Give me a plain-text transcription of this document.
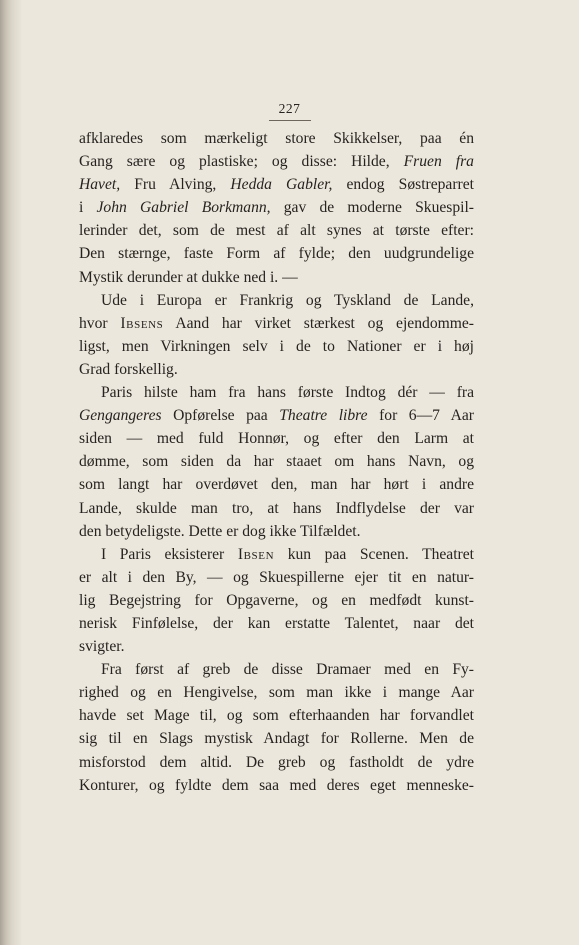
227
afklaredes som mærkeligt store Skikkelser, paa én
Gang sære og plastiske; og disse: Hilde, Fruen fra
Havet, Fru Alving, Hedda Gabler, endog Søstreparret
i John Gabriel Borkmann, gav de moderne Skuespil-
lerinder det, som de mest af alt synes at tørste efter:
Den stærnge, faste Form af fylde; den uudgrundelige
Mystik derunder at dukke ned i. —
Ude i Europa er Frankrig og Tyskland de Lande,
hvor Ibsens Aand har virket stærkest og ejendomme-
ligst, men Virkningen selv i de to Nationer er i høj
Grad forskellig.
Paris hilste ham fra hans første Indtog dér — fra
Gengangeres Opførelse paa Theatre libre for 6—7 Aar
siden — med fuld Honnør, og efter den Larm at
dømme, som siden da har staaet om hans Navn, og
som langt har overdøvet den, man har hørt i andre
Lande, skulde man tro, at hans Indflydelse der var
den betydeligste. Dette er dog ikke Tilfældet.
I Paris eksisterer Ibsen kun paa Scenen. Theatret
er alt i den By, — og Skuespillerne ejer tit en natur-
lig Begejstring for Opgaverne, og en medfødt kunst-
nerisk Finfølelse, der kan erstatte Talentet, naar det
svigter.
Fra først af greb de disse Dramaer med en Fy-
righed og en Hengivelse, som man ikke i mange Aar
havde set Mage til, og som efterhaanden har forvandlet
sig til en Slags mystisk Andagt for Rollerne. Men de
misforstod dem altid. De greb og fastholdt de ydre
Konturer, og fyldte dem saa med deres eget menneske-
